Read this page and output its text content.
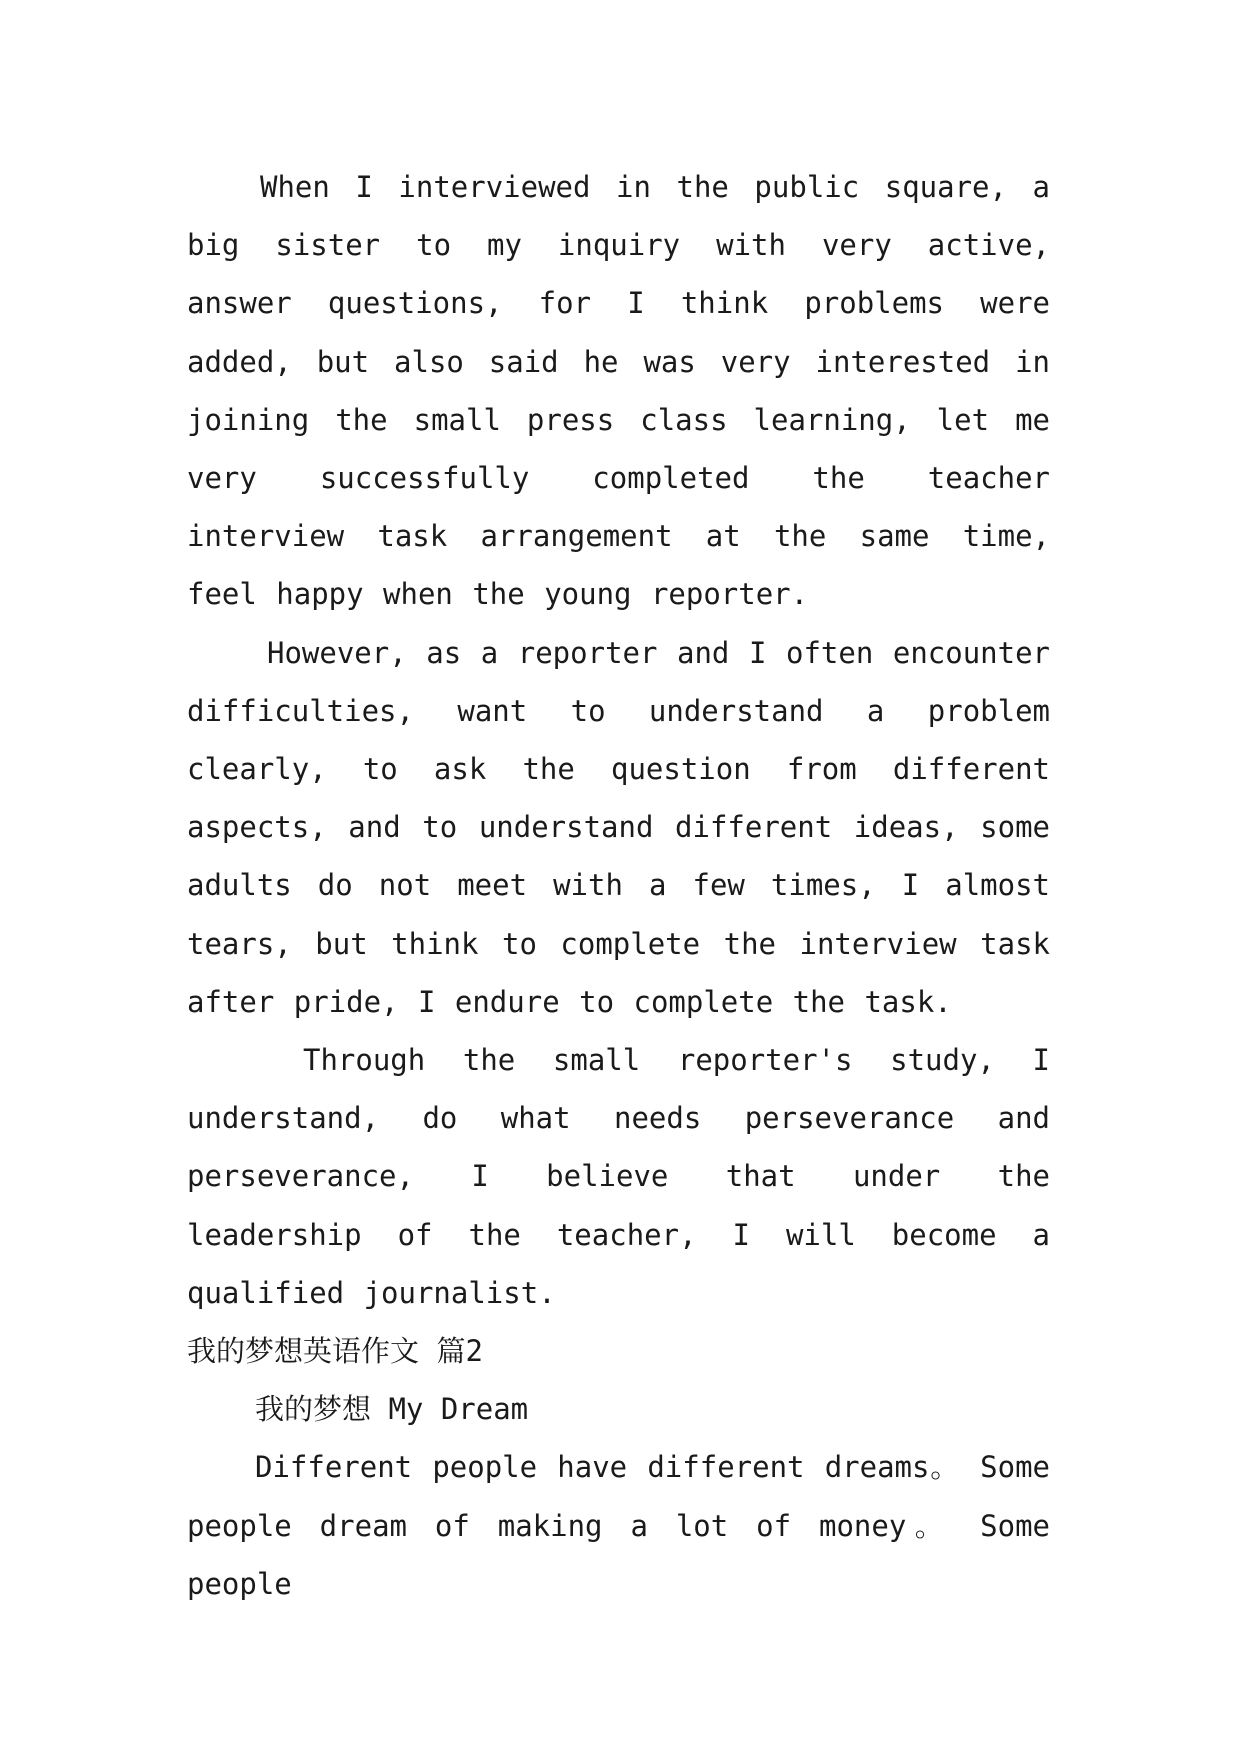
When I interviewed in the public square, a big sister to my inquiry with very active, answer questions, for I think problems were added, but also said he was very interested in joining the small press class learning, let me very successfully completed the teacher interview task arrangement at the same time, feel happy when the young reporter.

However, as a reporter and I often encounter difficulties, want to understand a problem clearly, to ask the question from different aspects, and to understand different ideas, some adults do not meet with a few times, I almost tears, but think to complete the interview task after pride, I endure to complete the task.

Through the small reporter's study, I understand, do what needs perseverance and perseverance, I believe that under the leadership of the teacher, I will become a qualified journalist.

我的梦想英语作文 篇2

我的梦想 My Dream

Different people have different dreams。 Some people dream of making a lot of money。 Some people
